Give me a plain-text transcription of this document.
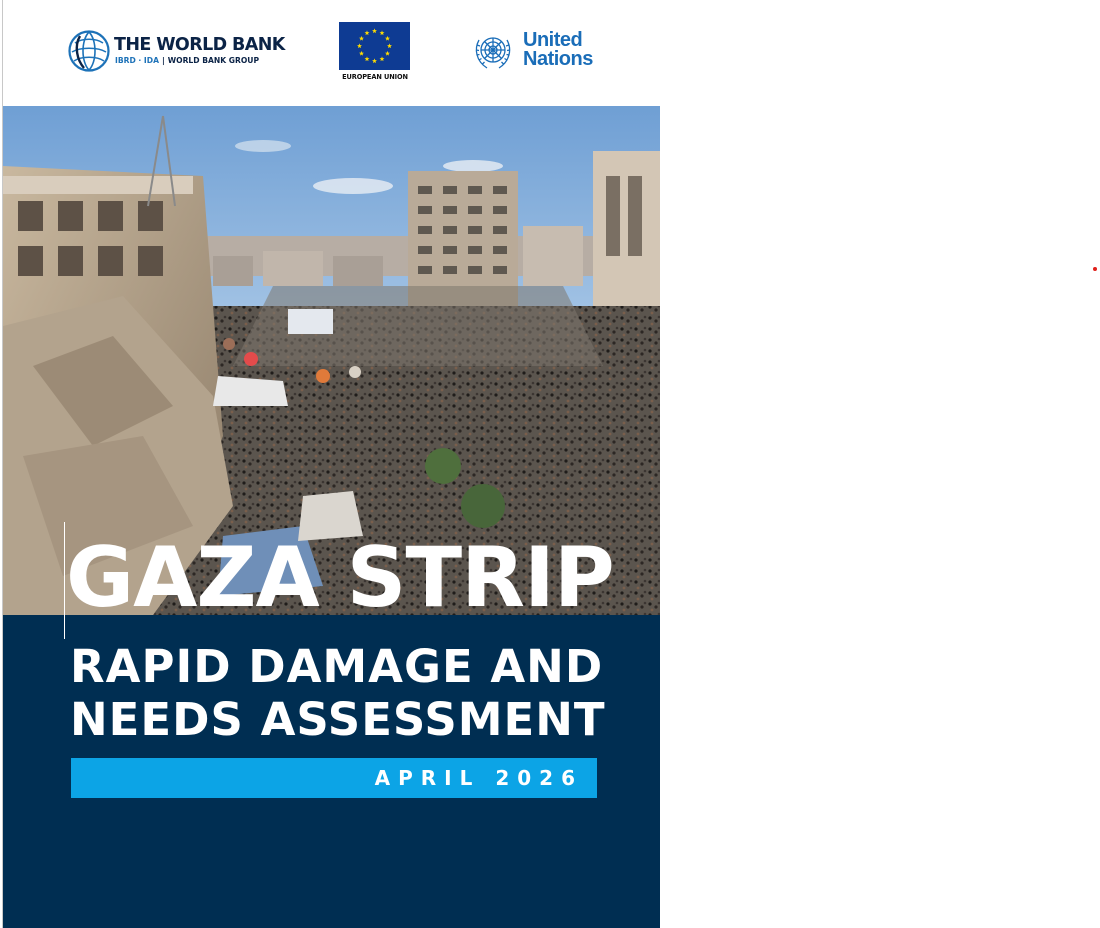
THE WORLD BANK
IBRD · IDA | WORLD BANK GROUP
EUROPEAN UNION
United
Nations
GAZA STRIP
RAPID DAMAGE AND
NEEDS ASSESSMENT
APRIL 2026
